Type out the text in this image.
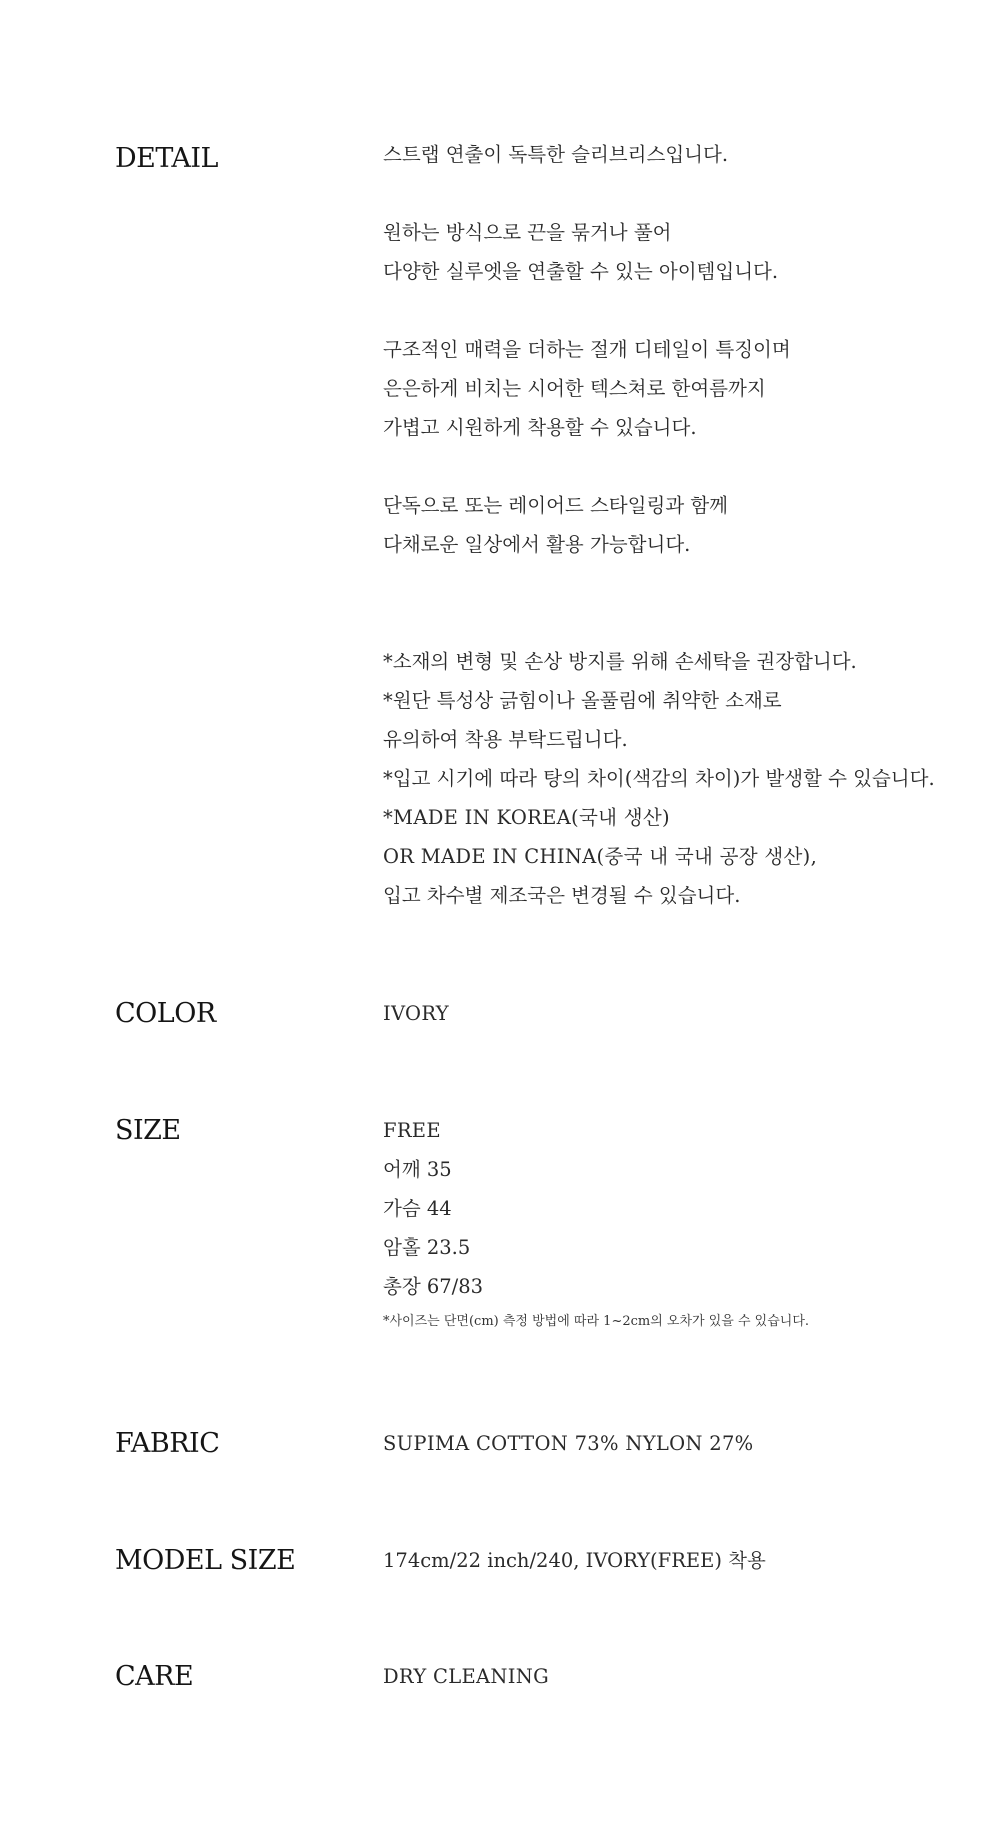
DETAIL	스트랩 연출이 독특한 슬리브리스입니다.
원하는 방식으로 끈을 묶거나 풀어
다양한 실루엣을 연출할 수 있는 아이템입니다.
구조적인 매력을 더하는 절개 디테일이 특징이며
은은하게 비치는 시어한 텍스쳐로 한여름까지
가볍고 시원하게 착용할 수 있습니다.
단독으로 또는 레이어드 스타일링과 함께
다채로운 일상에서 활용 가능합니다.
*소재의 변형 및 손상 방지를 위해 손세탁을 권장합니다.
*원단 특성상 긁힘이나 올풀림에 취약한 소재로
유의하여 착용 부탁드립니다.
*입고 시기에 따라 탕의 차이(색감의 차이)가 발생할 수 있습니다.
*MADE IN KOREA(국내 생산)
OR MADE IN CHINA(중국 내 국내 공장 생산),
입고 차수별 제조국은 변경될 수 있습니다.
COLOR	IVORY
SIZE	FREE
어깨 35
가슴 44
암홀 23.5
총장 67/83
*사이즈는 단면(cm) 측정 방법에 따라 1~2cm의 오차가 있을 수 있습니다.
FABRIC	SUPIMA COTTON 73% NYLON 27%
MODEL SIZE	174cm/22 inch/240, IVORY(FREE) 착용
CARE	DRY CLEANING
